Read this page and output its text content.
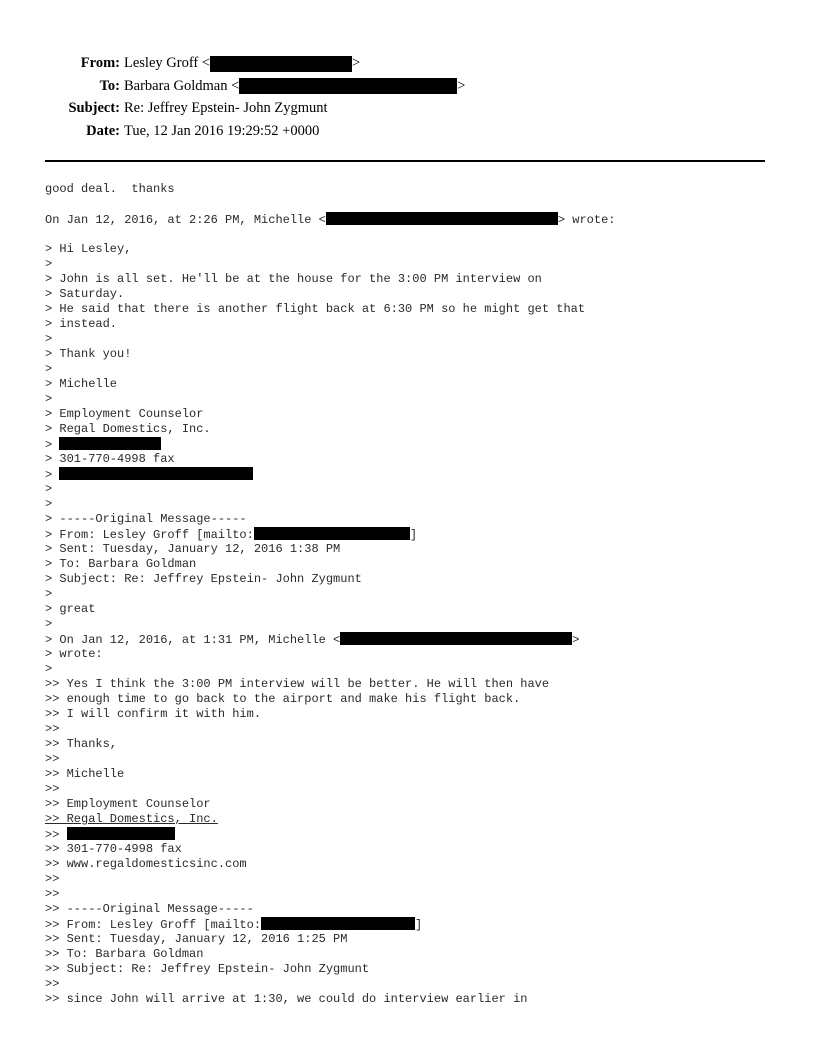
From: Lesley Groff <	>
To: Barbara Goldman <	>
Subject: Re: Jeffrey Epstein- John Zygmunt
Date: Tue, 12 Jan 2016 19:29:52 +0000
good deal.  thanks
On Jan 12, 2016, at 2:26 PM, Michelle <	> wrote:
> Hi Lesley,
>
> John is all set. He'll be at the house for the 3:00 PM interview on
> Saturday.
> He said that there is another flight back at 6:30 PM so he might get that
> instead.
>
> Thank you!
>
> Michelle
>
> Employment Counselor
> Regal Domestics, Inc.
>
> 301-770-4998 fax
>
>
>
> -----Original Message-----
> From: Lesley Groff [mailto:	]
> Sent: Tuesday, January 12, 2016 1:38 PM
> To: Barbara Goldman
> Subject: Re: Jeffrey Epstein- John Zygmunt
>
> great
>
> On Jan 12, 2016, at 1:31 PM, Michelle <	>
> wrote:
>
>> Yes I think the 3:00 PM interview will be better. He will then have
>> enough time to go back to the airport and make his flight back.
>> I will confirm it with him.
>>
>> Thanks,
>>
>> Michelle
>>
>> Employment Counselor
>> Regal Domestics, Inc.
>>
>> 301-770-4998 fax
>> www.regaldomesticsinc.com
>>
>>
>> -----Original Message-----
>> From: Lesley Groff [mailto:	]
>> Sent: Tuesday, January 12, 2016 1:25 PM
>> To: Barbara Goldman
>> Subject: Re: Jeffrey Epstein- John Zygmunt
>>
>> since John will arrive at 1:30, we could do interview earlier in
